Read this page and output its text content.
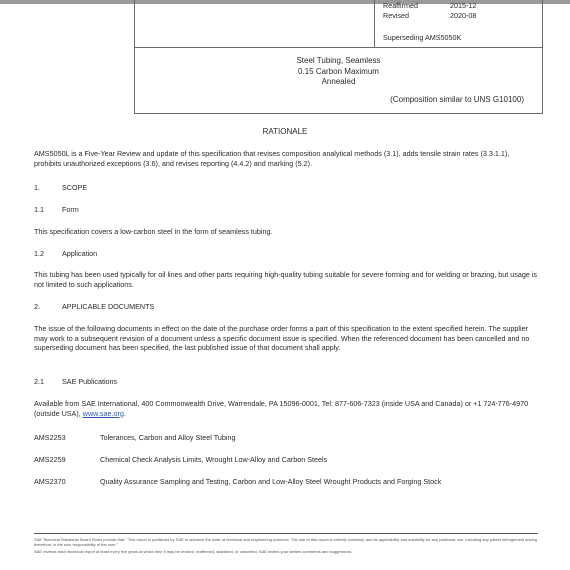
Reaffirmed	2015-12
Revised	2020-08
Superseding AMS5050K
Steel Tubing, Seamless
0.15 Carbon Maximum
Annealed
(Composition similar to UNS G10100)
RATIONALE
AMS5050L is a Five-Year Review and update of this specification that revises composition analytical methods (3.1), adds tensile strain rates (3.3.1.1), prohibits unauthorized exceptions (3.6), and revises reporting (4.4.2) and marking (5.2).
1.	SCOPE
1.1	Form
This specification covers a low-carbon steel in the form of seamless tubing.
1.2	Application
This tubing has been used typically for oil lines and other parts requiring high-quality tubing suitable for severe forming and for welding or brazing, but usage is not limited to such applications.
2.	APPLICABLE DOCUMENTS
The issue of the following documents in effect on the date of the purchase order forms a part of this specification to the extent specified herein. The supplier may work to a subsequent revision of a document unless a specific document issue is specified. When the referenced document has been cancelled and no superseding document has been specified, the last published issue of that document shall apply.
2.1	SAE Publications
Available from SAE International, 400 Commonwealth Drive, Warrendale, PA 15096-0001, Tel: 877-606-7323 (inside USA and Canada) or +1 724-776-4970 (outside USA), www.sae.org.
AMS2253	Tolerances, Carbon and Alloy Steel Tubing
AMS2259	Chemical Check Analysis Limits, Wrought Low-Alloy and Carbon Steels
AMS2370	Quality Assurance Sampling and Testing, Carbon and Low-Alloy Steel Wrought Products and Forging Stock
SAE Technical Standards Board Rules provide that: "This report is published by SAE to advance the state of technical and engineering sciences. The use of this report is entirely voluntary, and its applicability and suitability for any particular use, including any patent infringement arising therefrom, is the sole responsibility of the user."
SAE reviews each technical report at least every five years at which time it may be revised, reaffirmed, stabilized, or cancelled. SAE invites your written comments and suggestions.
